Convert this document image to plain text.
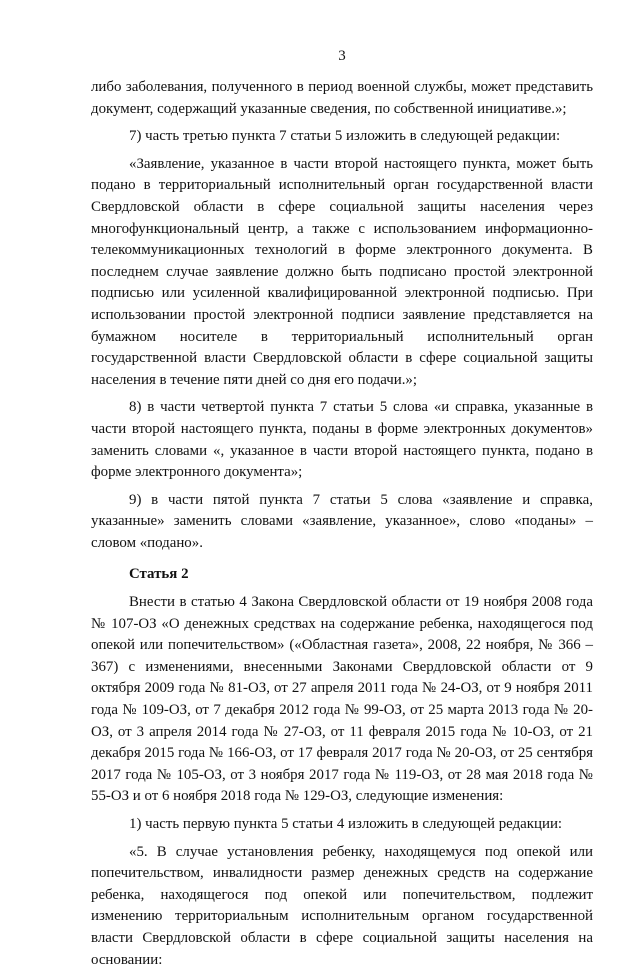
3

либо заболевания, полученного в период военной службы, может представить документ, содержащий указанные сведения, по собственной инициативе.»;

7) часть третью пункта 7 статьи 5 изложить в следующей редакции:

«Заявление, указанное в части второй настоящего пункта, может быть подано в территориальный исполнительный орган государственной власти Свердловской области в сфере социальной защиты населения через многофункциональный центр, а также с использованием информационно-телекоммуникационных технологий в форме электронного документа. В последнем случае заявление должно быть подписано простой электронной подписью или усиленной квалифицированной электронной подписью. При использовании простой электронной подписи заявление представляется на бумажном носителе в территориальный исполнительный орган государственной власти Свердловской области в сфере социальной защиты населения в течение пяти дней со дня его подачи.»;

8) в части четвертой пункта 7 статьи 5 слова «и справка, указанные в части второй настоящего пункта, поданы в форме электронных документов» заменить словами «, указанное в части второй настоящего пункта, подано в форме электронного документа»;

9) в части пятой пункта 7 статьи 5 слова «заявление и справка, указанные» заменить словами «заявление, указанное», слово «поданы» – словом «подано».

Статья 2

Внести в статью 4 Закона Свердловской области от 19 ноября 2008 года № 107-ОЗ «О денежных средствах на содержание ребенка, находящегося под опекой или попечительством» («Областная газета», 2008, 22 ноября, № 366 – 367) с изменениями, внесенными Законами Свердловской области от 9 октября 2009 года № 81-ОЗ, от 27 апреля 2011 года № 24-ОЗ, от 9 ноября 2011 года № 109-ОЗ, от 7 декабря 2012 года № 99-ОЗ, от 25 марта 2013 года № 20-ОЗ, от 3 апреля 2014 года № 27-ОЗ, от 11 февраля 2015 года № 10-ОЗ, от 21 декабря 2015 года № 166-ОЗ, от 17 февраля 2017 года № 20-ОЗ, от 25 сентября 2017 года № 105-ОЗ, от 3 ноября 2017 года № 119-ОЗ, от 28 мая 2018 года № 55-ОЗ и от 6 ноября 2018 года № 129-ОЗ, следующие изменения:

1) часть первую пункта 5 статьи 4 изложить в следующей редакции:

«5. В случае установления ребенку, находящемуся под опекой или попечительством, инвалидности размер денежных средств на содержание ребенка, находящегося под опекой или попечительством, подлежит изменению территориальным исполнительным органом государственной власти Свердловской области в сфере социальной защиты населения на основании:
